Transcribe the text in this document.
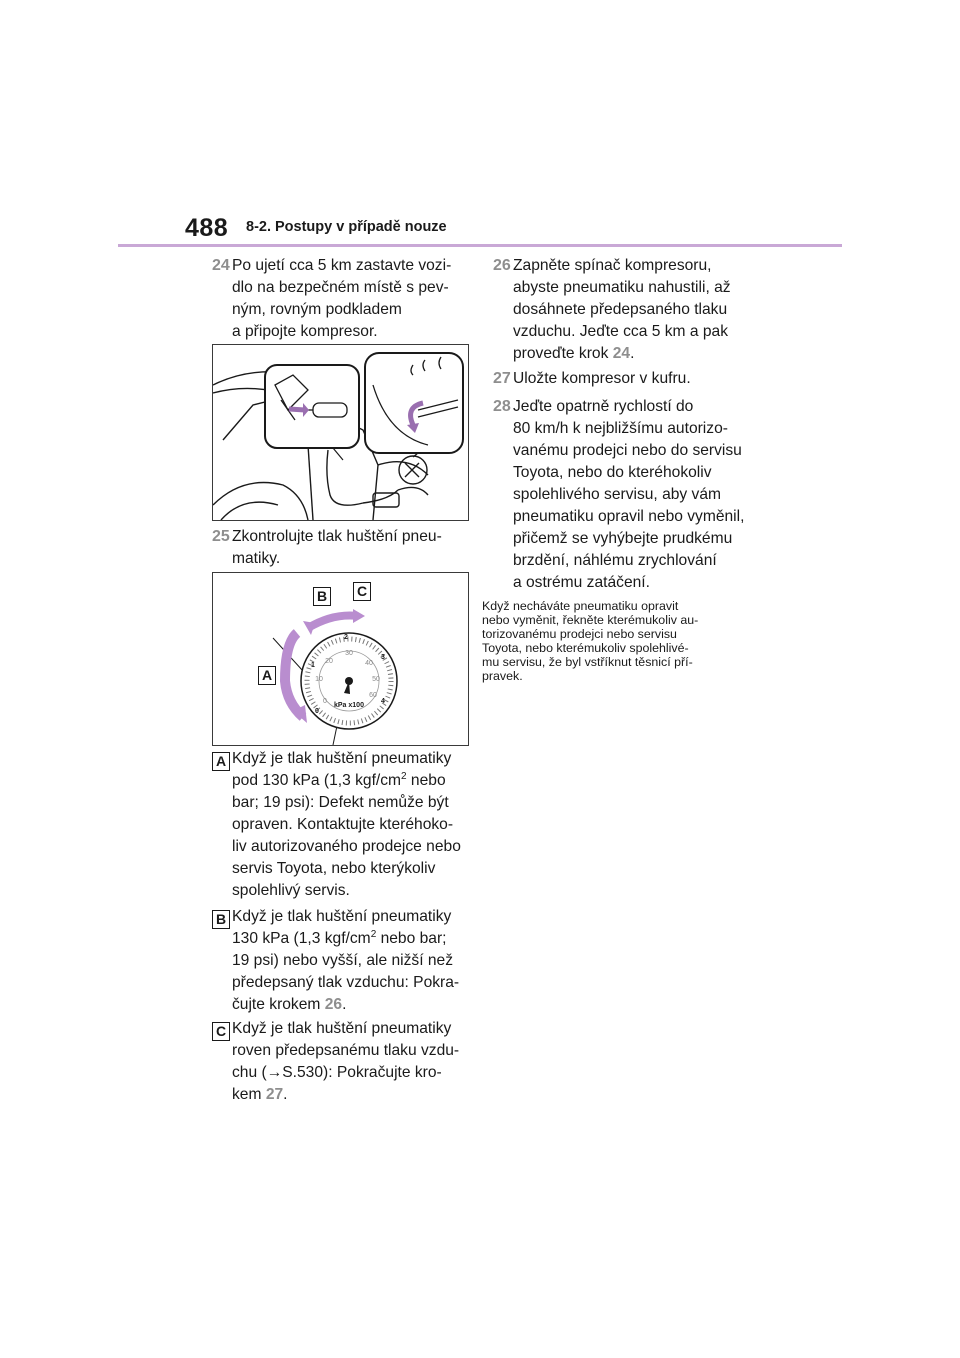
488 8-2. Postupy v případě nouze
24 Po ujetí cca 5 km zastavte vozi-
dlo na bezpečném místě s pev-
ným, rovným podkladem
a připojte kompresor.
25 Zkontrolujte tlak huštění pneu-
matiky.
0
10
20
30
40
50
60
0
1
2
3
4
kPa x100
A
B C
A Když je tlak huštění pneumatiky
pod 130 kPa (1,3 kgf/$cm^2$ nebo
bar; 19 psi): Defekt nemůže být
opraven. Kontaktujte kteréhoko-
liv autorizovaného prodejce nebo
servis Toyota, nebo kterýkoliv
spolehlivý servis.
B Když je tlak huštění pneumatiky
130 kPa (1,3 kgf/$cm^2$ nebo bar;
19 psi) nebo vyšší, ale nižší než
předepsaný tlak vzduchu: Pokra-
čujte krokem 26.
C Když je tlak huštění pneumatiky
roven předepsanému tlaku vzdu-
chu (→S.530): Pokračujte kro-
kem 27.
26 Zapněte spínač kompresoru,
abyste pneumatiku nahustili, až
dosáhnete předepsaného tlaku
vzduchu. Jeďte cca 5 km a pak
proveďte krok 24.
27 Uložte kompresor v kufru.
28 Jeďte opatrně rychlostí do
80 km/h k nejbližšímu autorizo-
vanému prodejci nebo do servisu
Toyota, nebo do kteréhokoliv
spolehlivého servisu, aby vám
pneumatiku opravil nebo vyměnil,
přičemž se vyhýbejte prudkému
brzdění, náhlému zrychlování
a ostrému zatáčení.
Když necháváte pneumatiku opravit
nebo vyměnit, řekněte kterémukoliv au-
torizovanému prodejci nebo servisu
Toyota, nebo kterémukoliv spolehlivé-
mu servisu, že byl vstříknut těsnicí pří-
pravek.
